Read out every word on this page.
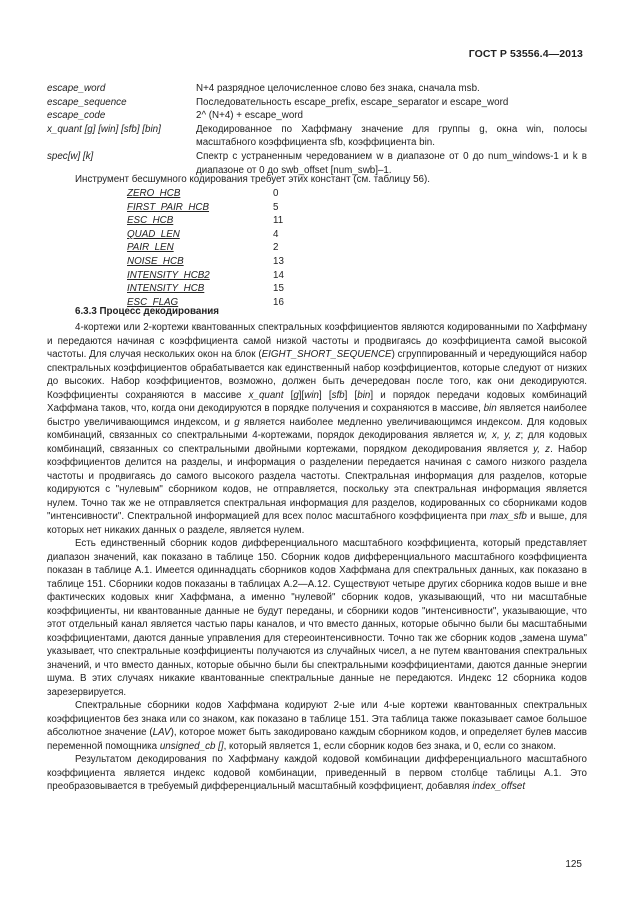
ГОСТ Р 53556.4—2013
escape_word	N+4 разрядное целочисленное слово без знака, сначала msb.
escape_sequence	Последовательность escape_prefix, escape_separator и escape_word
escape_code	2^ (N+4) + escape_word
x_quant [g] [win] [sfb] [bin]	Декодированное по Хаффману значение для группы g, окна win, полосы масштабного коэффициента sfb, коэффициента bin.
spec[w] [k]	Спектр с устраненным чередованием w в диапазоне от 0 до num_windows-1 и k в диапазоне от 0 до swb_offset [num_swb]–1.
Инструмент бесшумного кодирования требует этих констант (см. таблицу 56).
ZERO_HCB	0
FIRST_PAIR_HCB	5
ESC_HCB	11
QUAD_LEN	4
PAIR_LEN	2
NOISE_HCB	13
INTENSITY_HCB2	14
INTENSITY_HCB	15
ESC_FLAG	16
6.3.3 Процесс декодирования

4-кортежи или 2-кортежи квантованных спектральных коэффициентов являются кодированными по Хаффману и передаются начиная с коэффициента самой низкой частоты и продвигаясь до коэффициента самой высокой частоты. Для случая нескольких окон на блок (EIGHT_SHORT_SEQUENCE) сгруппированный и чередующийся набор спектральных коэффициентов обрабатывается как единственный набор коэффициентов, которые следуют от низких до высоких. Набор коэффициентов, возможно, должен быть дечередован после того, как они декодируются. Коэффициенты сохраняются в массиве x_quant [g][win] [sfb] [bin] и порядок передачи кодовых комбинаций Хаффмана таков, что, когда они декодируются в порядке получения и сохраняются в массиве, bin является наиболее быстро увеличивающимся индексом, и g является наиболее медленно увеличивающимся индексом. Для кодовых комбинаций, связанных со спектральными 4-кортежами, порядок декодирования является w, x, y, z; для кодовых комбинаций, связанных со спектральными двойными кортежами, порядком декодирования является y, z. Набор коэффициентов делится на разделы, и информация о разделении передается начиная с самого низкого раздела частоты и продвигаясь до самого высокого раздела частоты. Спектральная информация для разделов, которые кодируются с "нулевым" сборником кодов, не отправляется, поскольку эта спектральная информация является нулем. Точно так же не отправляется спектральная информация для разделов, кодированных со сборниками кодов "интенсивности". Спектральной информацией для всех полос масштабного коэффициента при max_sfb и выше, для которых нет никаких данных о разделе, является нулем.

Есть единственный сборник кодов дифференциального масштабного коэффициента, который представляет диапазон значений, как показано в таблице 150. Сборник кодов дифференциального масштабного коэффициента показан в таблице А.1. Имеется одиннадцать сборников кодов Хаффмана для спектральных данных, как показано в таблице 151. Сборники кодов показаны в таблицах А.2—А.12. Существуют четыре других сборника кодов выше и вне фактических кодовых книг Хаффмана, а именно "нулевой" сборник кодов, указывающий, что ни масштабные коэффициенты, ни квантованные данные не будут переданы, и сборники кодов "интенсивности", указывающие, что этот отдельный канал является частью пары каналов, и что вместо данных, которые обычно были бы масштабными коэффициентами, даются данные управления для стереоинтенсивности. Точно так же сборник кодов „замена шума" указывает, что спектральные коэффициенты получаются из случайных чисел, а не путем квантования спектральных значений, и что вместо данных, которые обычно были бы спектральными коэффициентами, даются данные энергии шума. В этих случаях никакие квантованные спектральные данные не передаются. Индекс 12 сборника кодов зарезервируется.

Спектральные сборники кодов Хаффмана кодируют 2-ые или 4-ые кортежи квантованных спектральных коэффициентов без знака или со знаком, как показано в таблице 151. Эта таблица также показывает самое большое абсолютное значение (LAV), которое может быть закодировано каждым сборником кодов, и определяет булев массив переменной помощника unsigned_cb [], который является 1, если сборник кодов без знака, и 0, если со знаком.

Результатом декодирования по Хаффману каждой кодовой комбинации дифференциального масштабного коэффициента является индекс кодовой комбинации, приведенный в первом столбце таблицы А.1. Это преобразовывается в требуемый дифференциальный масштабный коэффициент, добавляя index_offset

125
